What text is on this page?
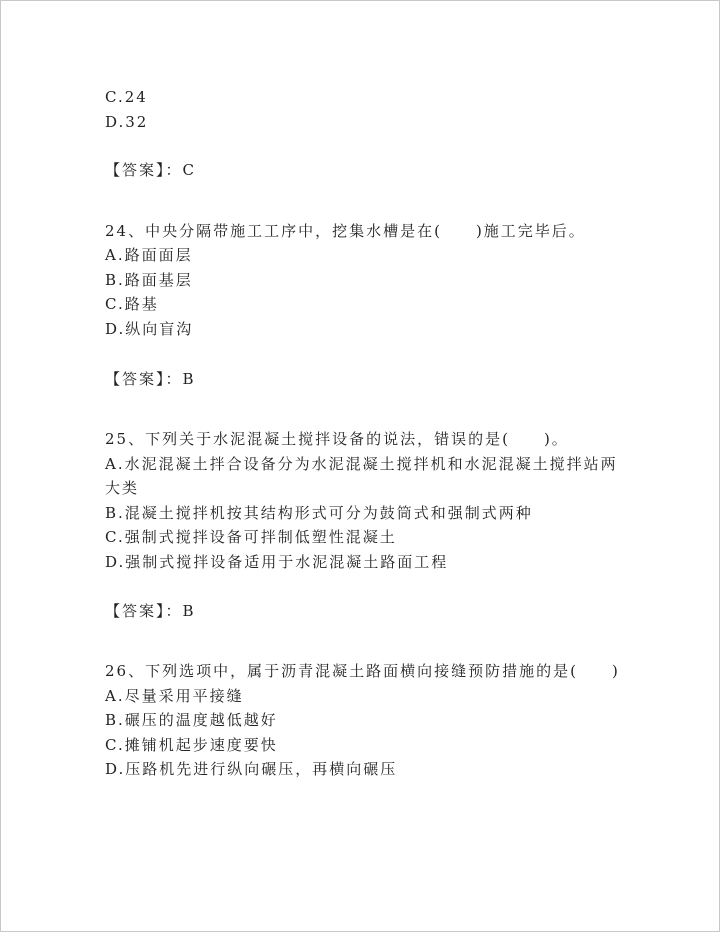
C.24
D.32
【答案】：C
24、中央分隔带施工工序中，挖集水槽是在(　　)施工完毕后。
A.路面面层
B.路面基层
C.路基
D.纵向盲沟
【答案】：B
25、下列关于水泥混凝土搅拌设备的说法，错误的是(　　)。
A.水泥混凝土拌合设备分为水泥混凝土搅拌机和水泥混凝土搅拌站两
大类
B.混凝土搅拌机按其结构形式可分为鼓筒式和强制式两种
C.强制式搅拌设备可拌制低塑性混凝土
D.强制式搅拌设备适用于水泥混凝土路面工程
【答案】：B
26、下列选项中，属于沥青混凝土路面横向接缝预防措施的是(　　)
A.尽量采用平接缝
B.碾压的温度越低越好
C.摊铺机起步速度要快
D.压路机先进行纵向碾压，再横向碾压
